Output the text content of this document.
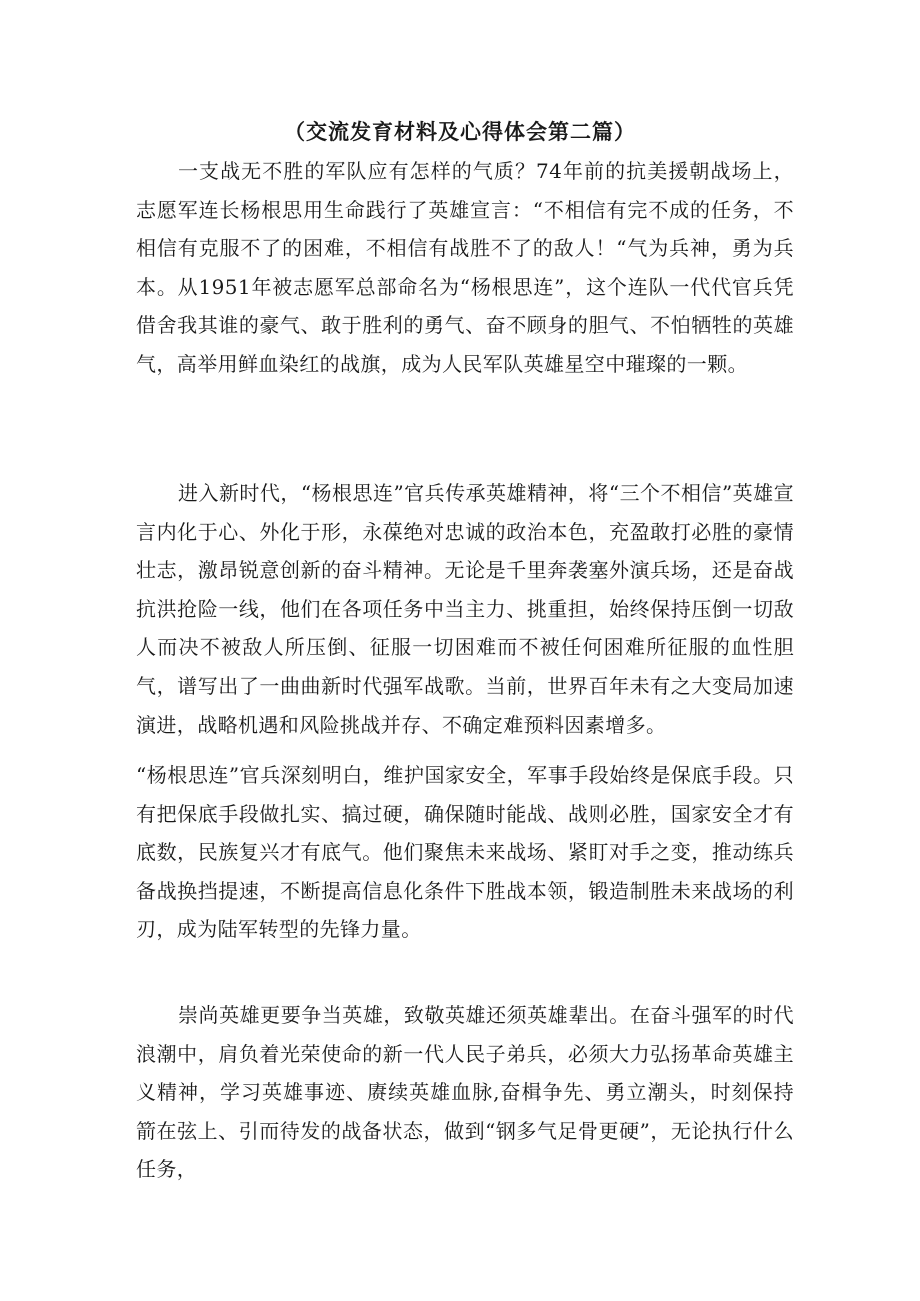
（交流发育材料及心得体会第二篇）

一支战无不胜的军队应有怎样的气质？74年前的抗美援朝战场上，志愿军连长杨根思用生命践行了英雄宣言：“不相信有完不成的任务，不相信有克服不了的困难，不相信有战胜不了的敌人！“气为兵神，勇为兵本。从1951年被志愿军总部命名为“杨根思连”，这个连队一代代官兵凭借舍我其谁的豪气、敢于胜利的勇气、奋不顾身的胆气、不怕牺牲的英雄气，高举用鲜血染红的战旗，成为人民军队英雄星空中璀璨的一颗。

进入新时代，“杨根思连”官兵传承英雄精神，将“三个不相信”英雄宣言内化于心、外化于形，永葆绝对忠诚的政治本色，充盈敢打必胜的豪情壮志，激昂锐意创新的奋斗精神。无论是千里奔袭塞外演兵场，还是奋战抗洪抢险一线，他们在各项任务中当主力、挑重担，始终保持压倒一切敌人而决不被敌人所压倒、征服一切困难而不被任何困难所征服的血性胆气，谱写出了一曲曲新时代强军战歌。当前，世界百年未有之大变局加速演进，战略机遇和风险挑战并存、不确定难预料因素增多。

“杨根思连”官兵深刻明白，维护国家安全，军事手段始终是保底手段。只有把保底手段做扎实、搞过硬，确保随时能战、战则必胜，国家安全才有底数，民族复兴才有底气。他们聚焦未来战场、紧盯对手之变，推动练兵备战换挡提速，不断提高信息化条件下胜战本领，锻造制胜未来战场的利刃，成为陆军转型的先锋力量。

崇尚英雄更要争当英雄，致敬英雄还须英雄辈出。在奋斗强军的时代浪潮中，肩负着光荣使命的新一代人民子弟兵，必须大力弘扬革命英雄主义精神，学习英雄事迹、赓续英雄血脉,奋楫争先、勇立潮头，时刻保持箭在弦上、引而待发的战备状态，做到“钢多气足骨更硬”，无论执行什么任务，
